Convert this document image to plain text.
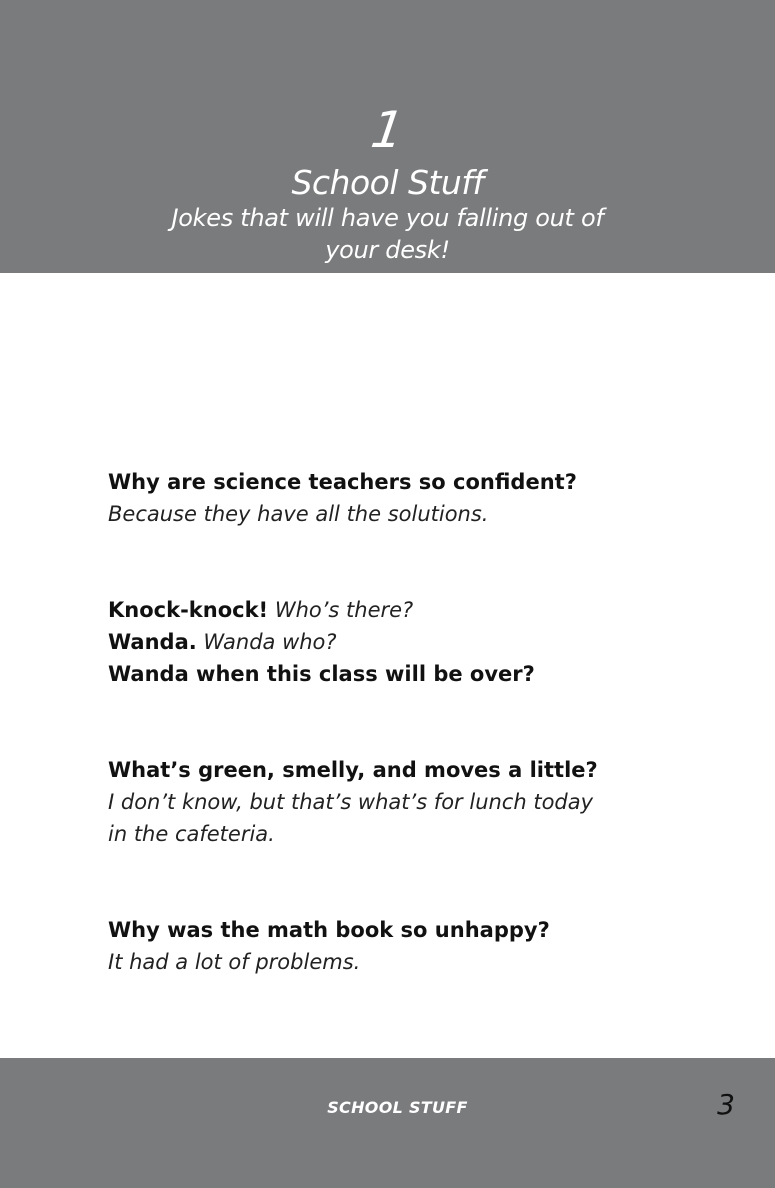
1
School Stuff
Jokes that will have you falling out of your desk!

Why are science teachers so confident?

Because they have all the solutions.

Knock-knock! Who’s there?

Wanda. Wanda who?

Wanda when this class will be over?

What’s green, smelly, and moves a little?

I don’t know, but that’s what’s for lunch today

in the cafeteria.

Why was the math book so unhappy?

It had a lot of problems.

SCHOOL STUFF	3
